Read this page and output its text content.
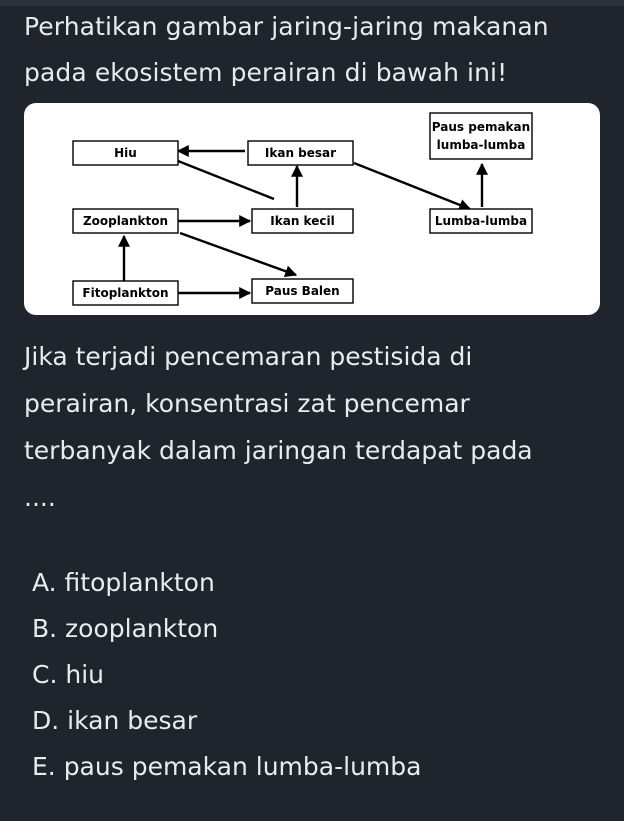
Perhatikan gambar jaring-jaring makanan
pada ekosistem perairan di bawah ini!
Hiu	Ikan besar
Paus pemakan
lumba-lumba
Zooplankton	Ikan kecil	Lumba-lumba
Fitoplankton	Paus Balen
Jika terjadi pencemaran pestisida di
perairan, konsentrasi zat pencemar
terbanyak dalam jaringan terdapat pada
....
A. fitoplankton
B. zooplankton
C. hiu
D. ikan besar
E. paus pemakan lumba-lumba
